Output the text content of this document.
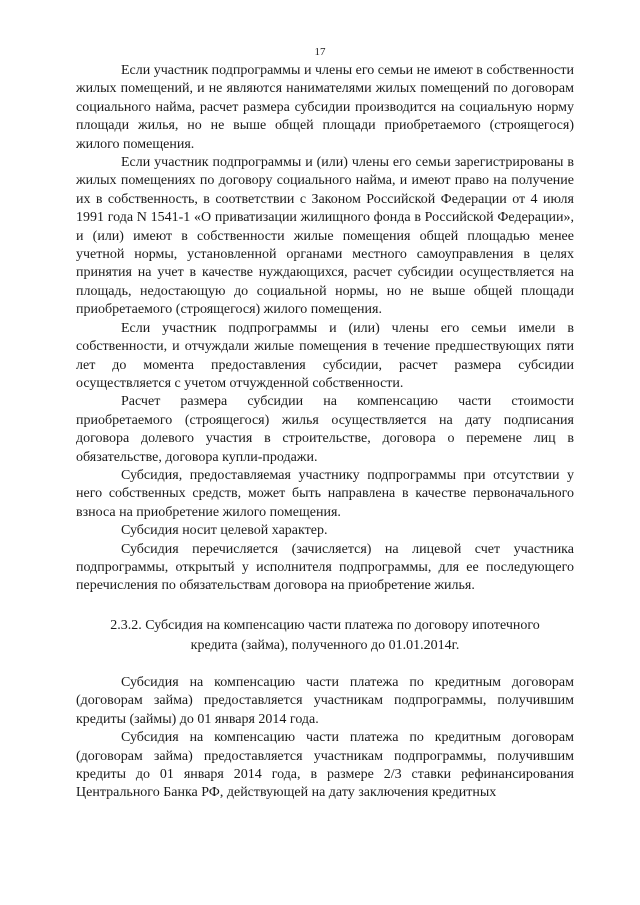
17

Если участник подпрограммы и члены его семьи не имеют в собственности жилых помещений, и не являются нанимателями жилых помещений по договорам социального найма, расчет размера субсидии производится на социальную норму площади жилья, но не выше общей площади приобретаемого (строящегося) жилого помещения.

Если участник подпрограммы и (или) члены его семьи зарегистрированы в жилых помещениях по договору социального найма, и имеют право на получение их в собственность, в соответствии с Законом Российской Федерации от 4 июля 1991 года N 1541-1 «О приватизации жилищного фонда в Российской Федерации», и (или) имеют в собственности жилые помещения общей площадью менее учетной нормы, установленной органами местного самоуправления в целях принятия на учет в качестве нуждающихся, расчет субсидии осуществляется на площадь, недостающую до социальной нормы, но не выше общей площади приобретаемого (строящегося) жилого помещения.

Если участник подпрограммы и (или) члены его семьи имели в собственности, и отчуждали жилые помещения в течение предшествующих пяти лет до момента предоставления субсидии, расчет размера субсидии осуществляется с учетом отчужденной собственности.

Расчет размера субсидии на компенсацию части стоимости приобретаемого (строящегося) жилья осуществляется на дату подписания договора долевого участия в строительстве, договора о перемене лиц в обязательстве, договора купли-продажи.

Субсидия, предоставляемая участнику подпрограммы при отсутствии у него собственных средств, может быть направлена в качестве первоначального взноса на приобретение жилого помещения.

Субсидия носит целевой характер.

Субсидия перечисляется (зачисляется) на лицевой счет участника подпрограммы, открытый у исполнителя подпрограммы, для ее последующего перечисления по обязательствам договора на приобретение жилья.

2.3.2. Субсидия на компенсацию части платежа по договору ипотечного
кредита (займа), полученного до 01.01.2014г.

Субсидия на компенсацию части платежа по кредитным договорам (договорам займа) предоставляется участникам подпрограммы, получившим кредиты (займы) до 01 января 2014 года.

Субсидия на компенсацию части платежа по кредитным договорам (договорам займа) предоставляется участникам подпрограммы, получившим кредиты до 01 января 2014 года, в размере 2/3 ставки рефинансирования Центрального Банка РФ, действующей на дату заключения кредитных
